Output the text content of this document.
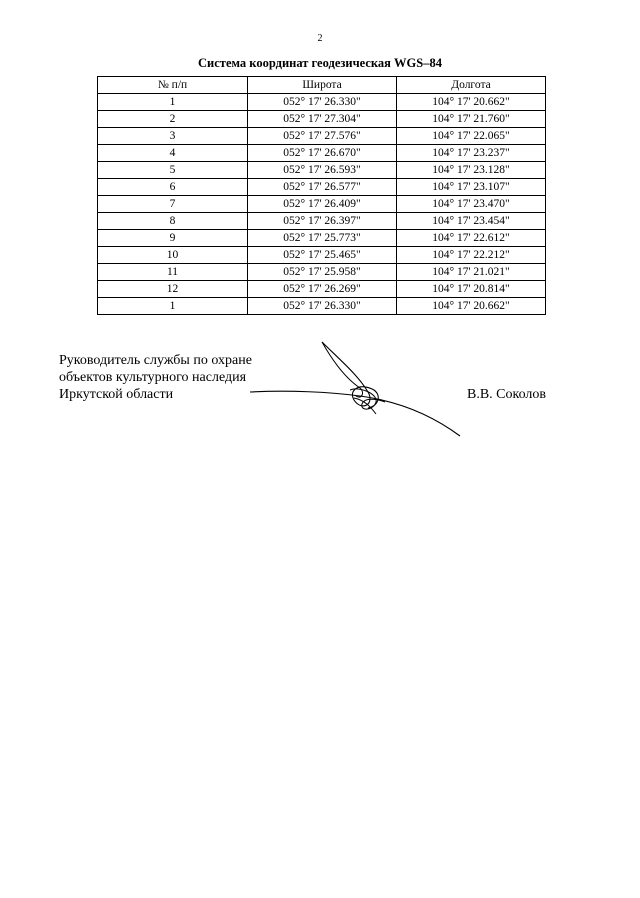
2
Система координат геодезическая WGS–84
№ п/п	Широта	Долгота
1	052° 17' 26.330"	104° 17' 20.662"
2	052° 17' 27.304"	104° 17' 21.760"
3	052° 17' 27.576"	104° 17' 22.065"
4	052° 17' 26.670"	104° 17' 23.237"
5	052° 17' 26.593"	104° 17' 23.128"
6	052° 17' 26.577"	104° 17' 23.107"
7	052° 17' 26.409"	104° 17' 23.470"
8	052° 17' 26.397"	104° 17' 23.454"
9	052° 17' 25.773"	104° 17' 22.612"
10	052° 17' 25.465"	104° 17' 22.212"
11	052° 17' 25.958"	104° 17' 21.021"
12	052° 17' 26.269"	104° 17' 20.814"
1	052° 17' 26.330"	104° 17' 20.662"
Руководитель службы по охране
объектов культурного наследия
Иркутской области	В.В. Соколов
